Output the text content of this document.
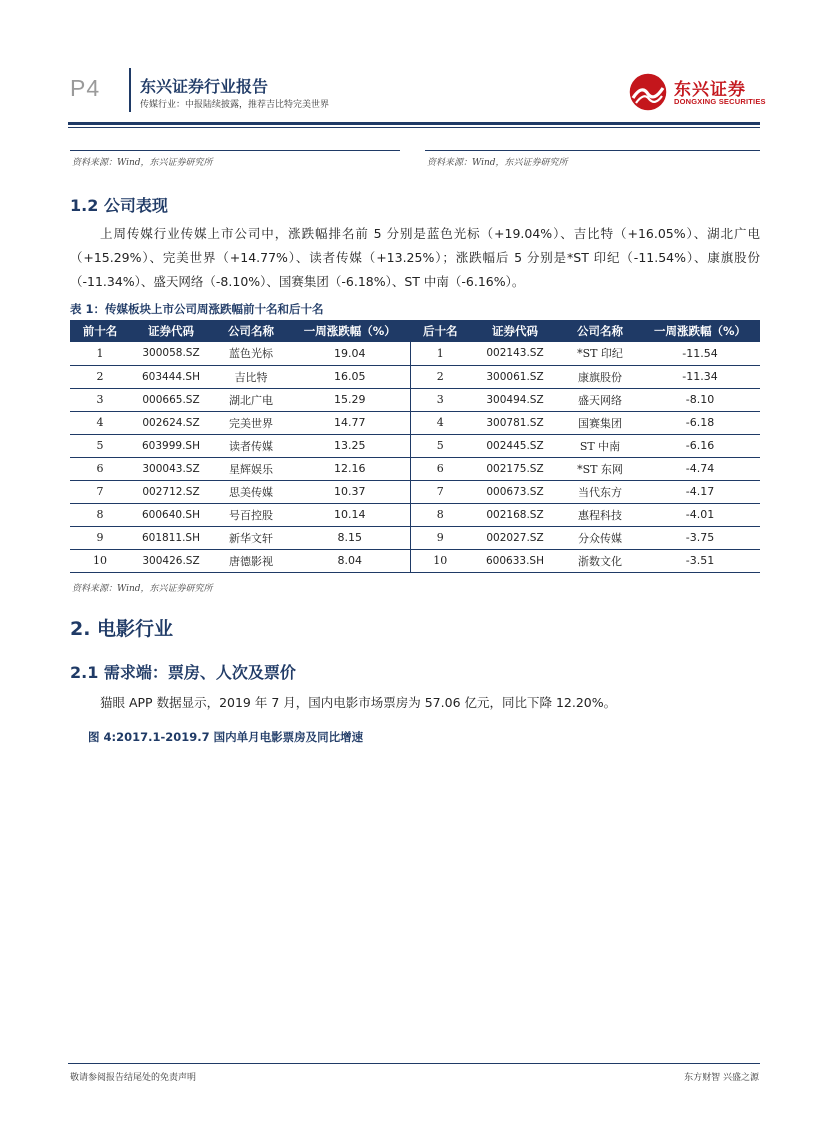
P4 东兴证券行业报告
传媒行业：中报陆续披露，推荐吉比特完美世界
东兴证券
DONGXING SECURITIES
资料来源：Wind，东兴证券研究所	资料来源：Wind，东兴证券研究所
1.2 公司表现
上周传媒行业传媒上市公司中，涨跌幅排名前 5 分别是蓝色光标（+19.04%）、吉比特（+16.05%）、湖北广电（+15.29%）、完美世界（+14.77%）、读者传媒（+13.25%）；涨跌幅后 5 分别是*ST 印纪（-11.54%）、康旗股份（-11.34%）、盛天网络（-8.10%）、国赛集团（-6.18%）、ST 中南（-6.16%）。
表 1：传媒板块上市公司周涨跌幅前十名和后十名
前十名	证券代码	公司名称	一周涨跌幅（%）	后十名	证券代码	公司名称	一周涨跌幅（%）
1	300058.SZ	蓝色光标	19.04	1	002143.SZ	*ST 印纪	-11.54
2	603444.SH	吉比特	16.05	2	300061.SZ	康旗股份	-11.34
3	000665.SZ	湖北广电	15.29	3	300494.SZ	盛天网络	-8.10
4	002624.SZ	完美世界	14.77	4	300781.SZ	国赛集团	-6.18
5	603999.SH	读者传媒	13.25	5	002445.SZ	ST 中南	-6.16
6	300043.SZ	星辉娱乐	12.16	6	002175.SZ	*ST 东网	-4.74
7	002712.SZ	思美传媒	10.37	7	000673.SZ	当代东方	-4.17
8	600640.SH	号百控股	10.14	8	002168.SZ	惠程科技	-4.01
9	601811.SH	新华文轩	8.15	9	002027.SZ	分众传媒	-3.75
10	300426.SZ	唐德影视	8.04	10	600633.SH	浙数文化	-3.51
资料来源：Wind，东兴证券研究所
2. 电影行业
2.1 需求端：票房、人次及票价
猫眼 APP 数据显示，2019 年 7 月，国内电影市场票房为 57.06 亿元，同比下降 12.20%。
图 4:2017.1-2019.7 国内单月电影票房及同比增速
敬请参阅报告结尾处的免责声明	东方财智 兴盛之源
